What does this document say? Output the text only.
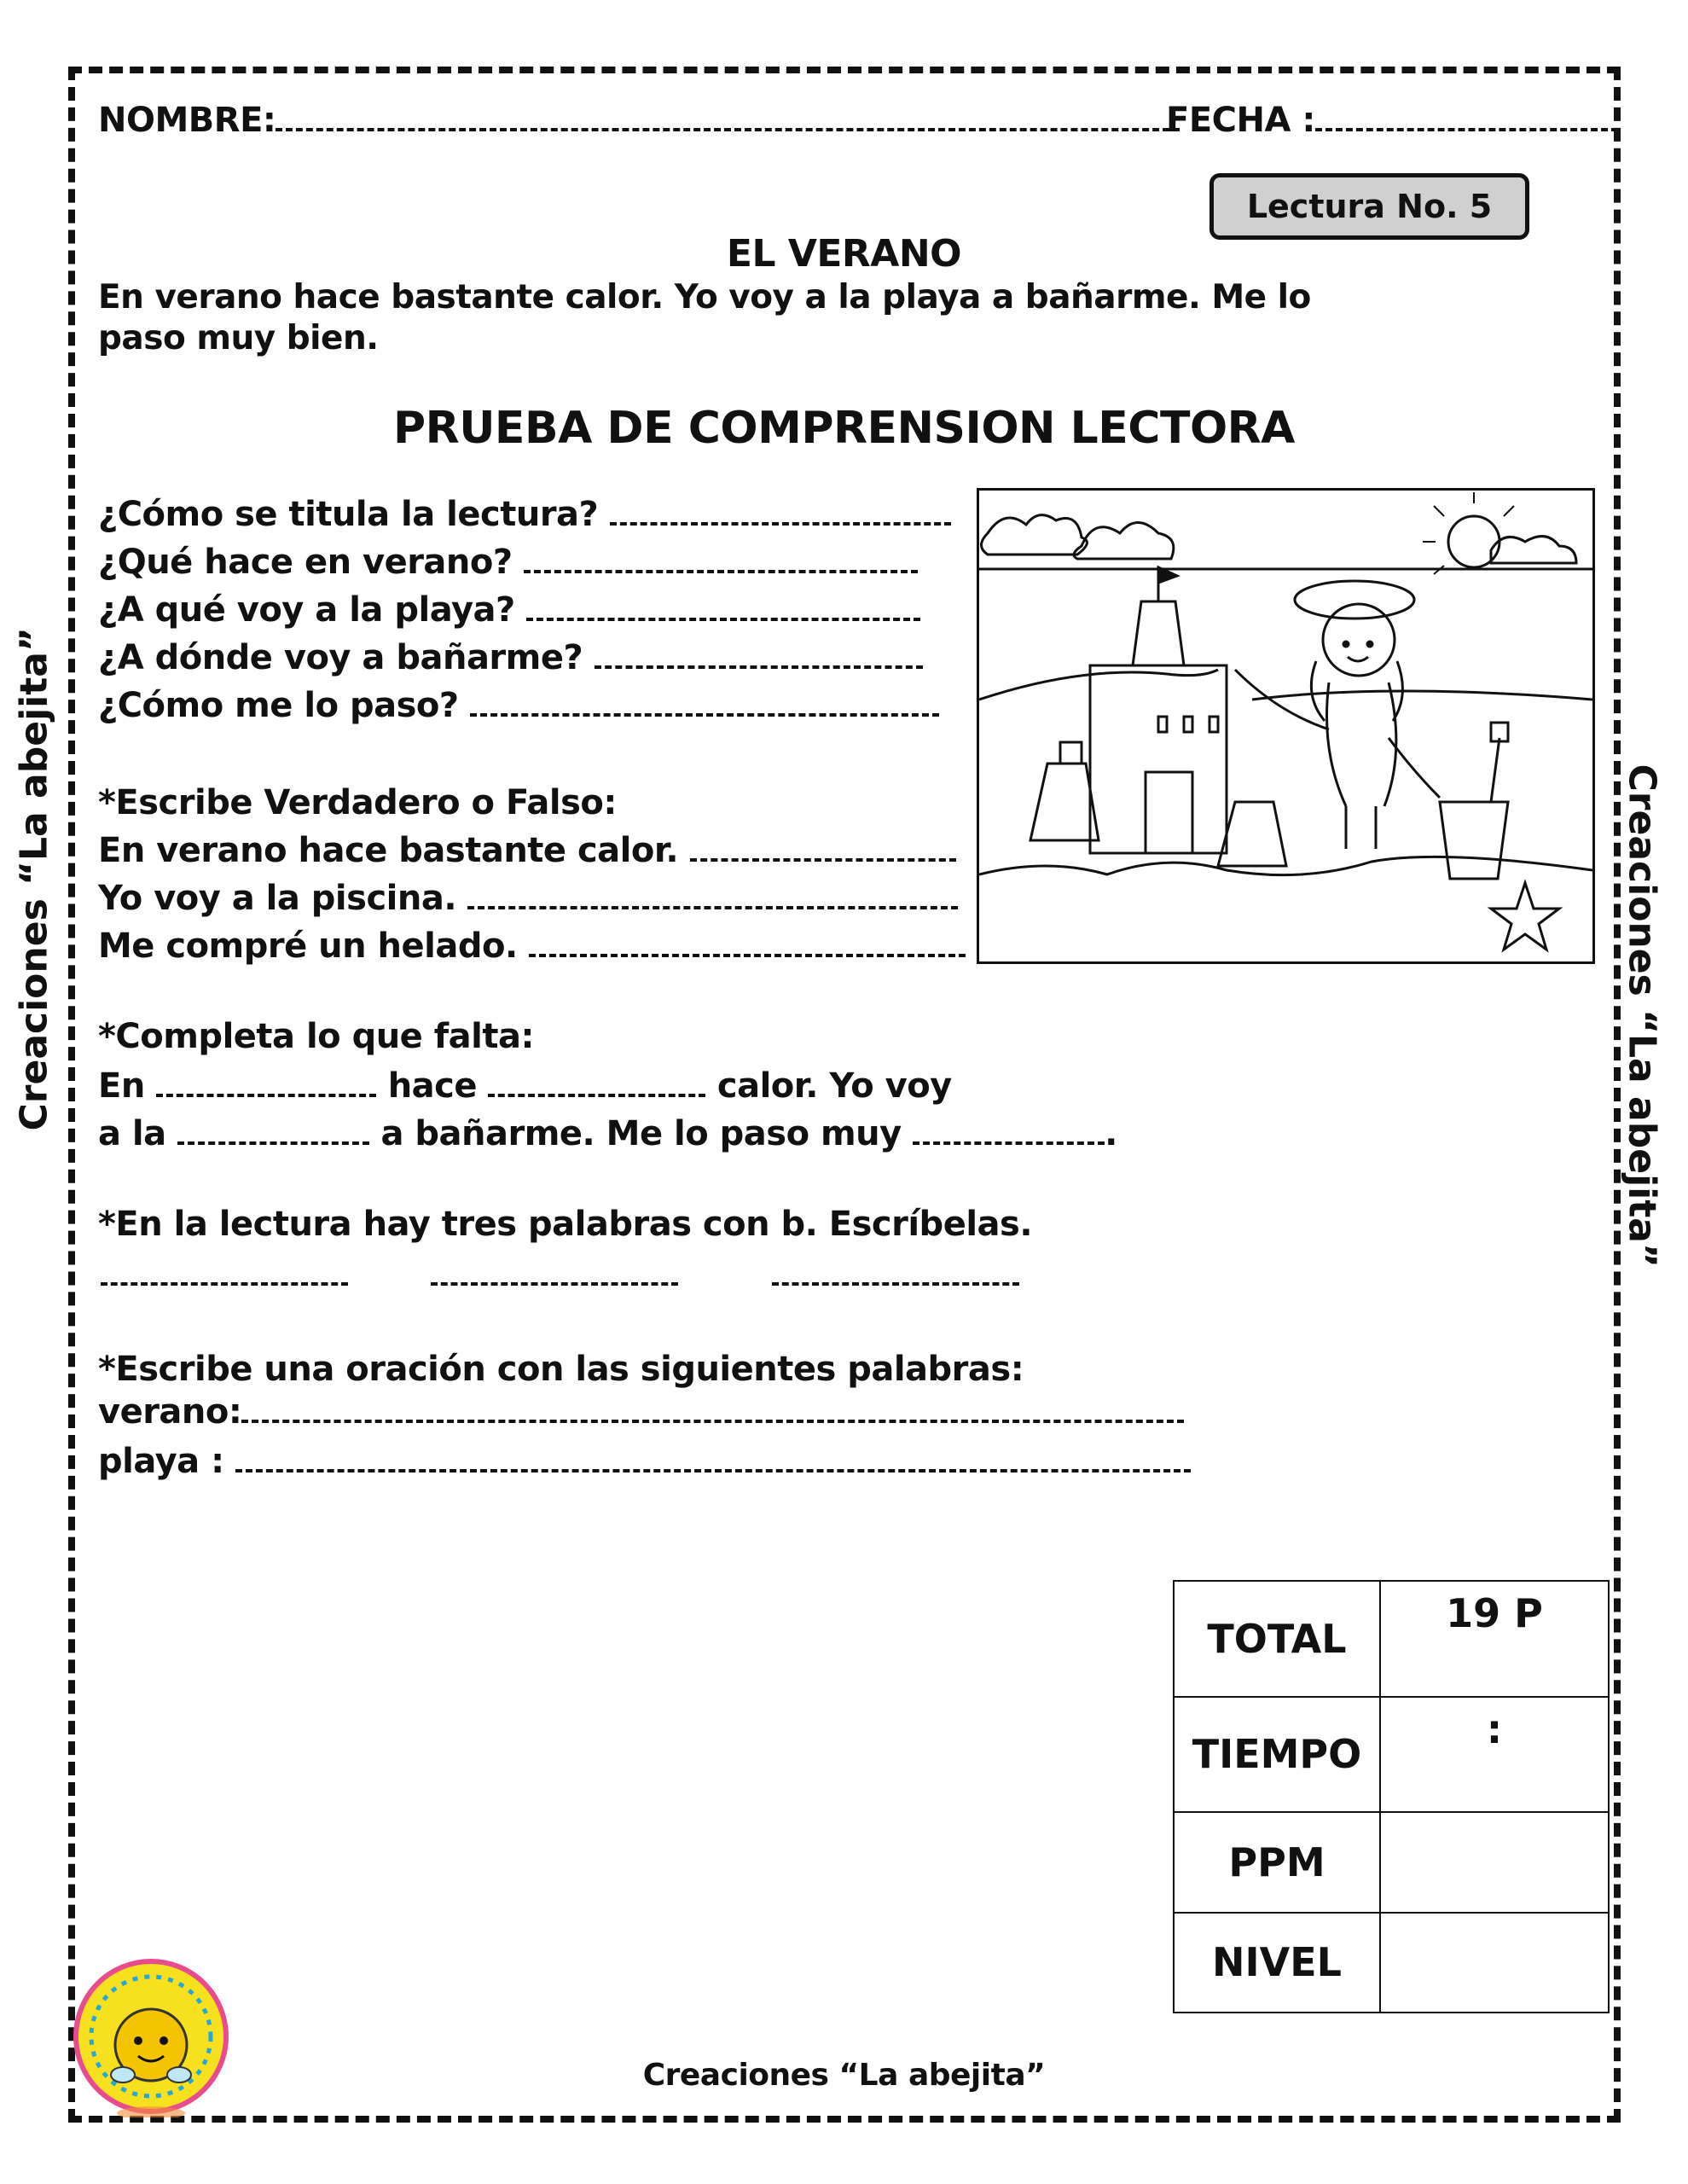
NOMBRE:	FECHA :
Lectura No. 5
EL VERANO
En verano hace bastante calor. Yo voy a la playa a bañarme. Me lo
paso muy bien.
PRUEBA DE COMPRENSION LECTORA
¿Cómo se titula la lectura?
¿Qué hace en verano?
¿A qué voy a la playa?
¿A dónde voy a bañarme?
¿Cómo me lo paso?
*Escribe Verdadero o Falso:
En verano hace bastante calor.
Yo voy a la piscina.
Me compré un helado.
*Completa lo que falta:
En	hace	calor. Yo voy
a la	a bañarme. Me lo paso muy	.
*En la lectura hay tres palabras con b. Escríbelas.
*Escribe una oración con las siguientes palabras:
verano:
playa :
TOTAL	19 P
TIEMPO	:
PPM	
NIVEL	
Creaciones “La abejita”	Creaciones “La abejita”
Creaciones “La abejita”
